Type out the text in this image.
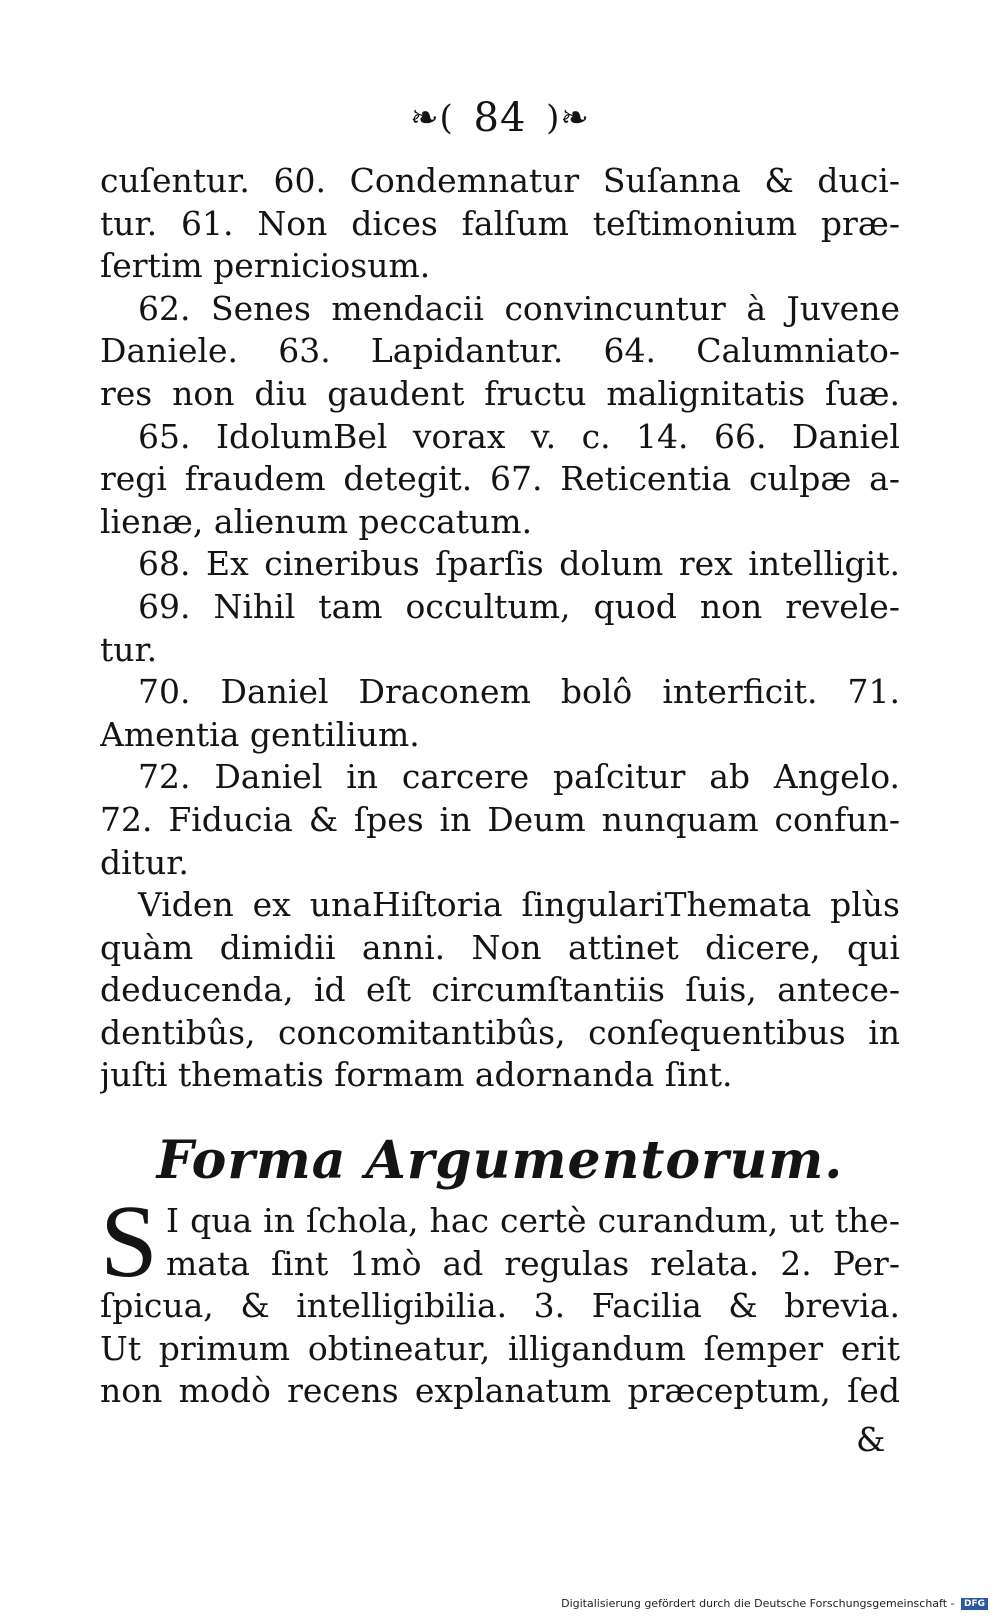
❧( 84 )❧
cuſentur. 60. Condemnatur Suſanna & duci-
tur. 61. Non dices falſum teſtimonium præ-
ſertim perniciosum.
62. Senes mendacii convincuntur à Juvene
Daniele. 63. Lapidantur. 64. Calumniato-
res non diu gaudent fructu malignitatis ſuæ.
65. IdolumBel vorax v. c. 14. 66. Daniel
regi fraudem detegit. 67. Reticentia culpæ a-
lienæ, alienum peccatum.
68. Ex cineribus ſparſis dolum rex intelligit.
69. Nihil tam occultum, quod non revele-
tur.
70. Daniel Draconem bolô interficit. 71.
Amentia gentilium.
72. Daniel in carcere paſcitur ab Angelo.
72. Fiducia & ſpes in Deum nunquam confun-
ditur.
Viden ex unaHiſtoria ſingulariThemata plùs
quàm dimidii anni. Non attinet dicere, qui
deducenda, id eſt circumſtantiis ſuis, antece-
dentibûs, concomitantibûs, conſequentibus in
juſti thematis formam adornanda ſint.
Forma Argumentorum.
S I qua in ſchola, hac certè curandum, ut the-
mata ſint 1mò ad regulas relata. 2. Per-
ſpicua, & intelligibilia. 3. Facilia & brevia.
Ut primum obtineatur, illigandum ſemper erit
non modò recens explanatum præceptum, ſed
&
Digitalisierung gefördert durch die Deutsche Forschungsgemeinschaft - DFG
